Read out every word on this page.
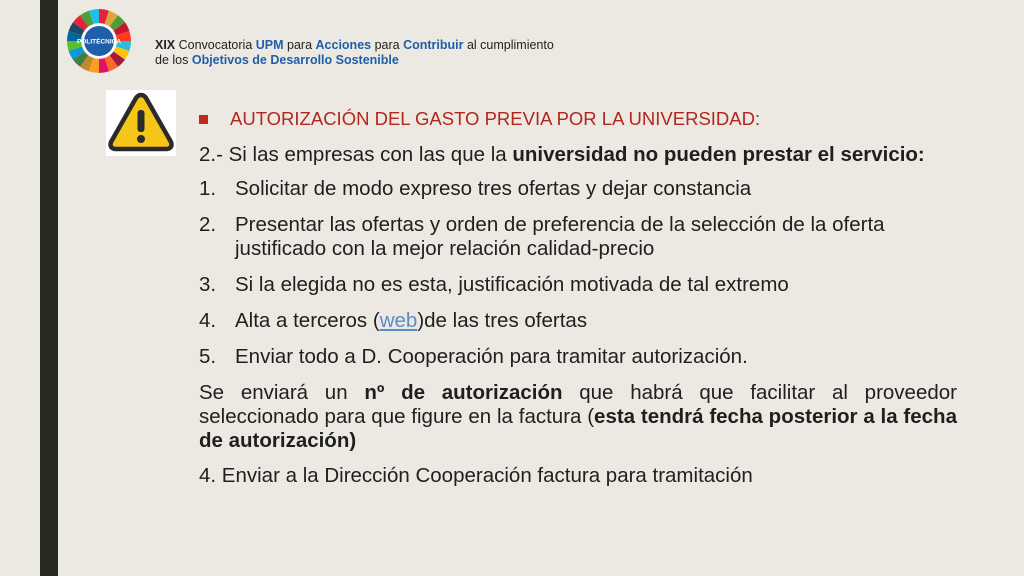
POLITÉCNICA	XIX Convocatoria UPM para Acciones para Contribuir al cumplimiento
de los Objetivos de Desarrollo Sostenible
AUTORIZACIÓN DEL GASTO PREVIA POR LA UNIVERSIDAD:

2.- Si las empresas con las que la universidad no pueden prestar el servicio:

1. Solicitar de modo expreso tres ofertas y dejar constancia
2. Presentar las ofertas y orden de preferencia de la selección de la oferta justificado con la mejor relación calidad-precio
3. Si la elegida no es esta, justificación motivada de tal extremo
4. Alta a terceros (web)de las tres ofertas
5. Enviar todo a D. Cooperación para tramitar autorización.

Se enviará un nº de autorización que habrá que facilitar al proveedor seleccionado para que figure en la factura (esta tendrá fecha posterior a la fecha de autorización)

4. Enviar a la Dirección Cooperación factura para tramitación
